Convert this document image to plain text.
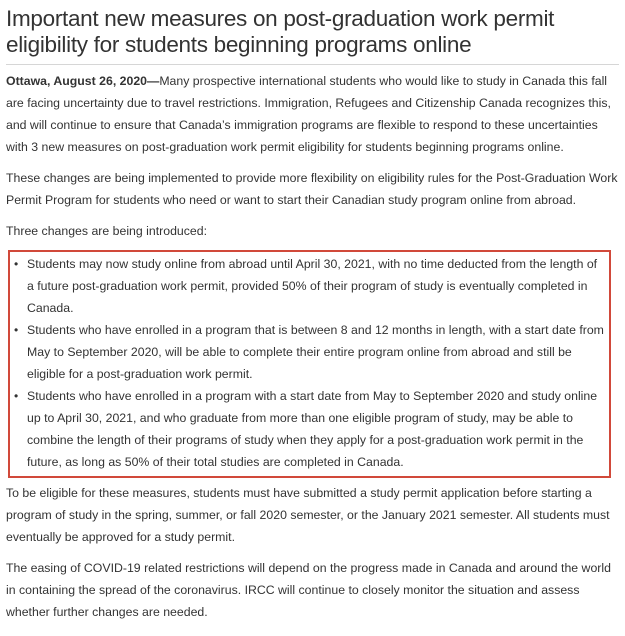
Important new measures on post-graduation work permit eligibility for students beginning programs online

Ottawa, August 26, 2020—Many prospective international students who would like to study in Canada this fall are facing uncertainty due to travel restrictions. Immigration, Refugees and Citizenship Canada recognizes this, and will continue to ensure that Canada’s immigration programs are flexible to respond to these uncertainties with 3 new measures on post-graduation work permit eligibility for students beginning programs online.

These changes are being implemented to provide more flexibility on eligibility rules for the Post-Graduation Work Permit Program for students who need or want to start their Canadian study program online from abroad.

Three changes are being introduced:

• Students may now study online from abroad until April 30, 2021, with no time deducted from the length of a future post-graduation work permit, provided 50% of their program of study is eventually completed in Canada.
• Students who have enrolled in a program that is between 8 and 12 months in length, with a start date from May to September 2020, will be able to complete their entire program online from abroad and still be eligible for a post-graduation work permit.
• Students who have enrolled in a program with a start date from May to September 2020 and study online up to April 30, 2021, and who graduate from more than one eligible program of study, may be able to combine the length of their programs of study when they apply for a post-graduation work permit in the future, as long as 50% of their total studies are completed in Canada.

To be eligible for these measures, students must have submitted a study permit application before starting a program of study in the spring, summer, or fall 2020 semester, or the January 2021 semester. All students must eventually be approved for a study permit.

The easing of COVID-19 related restrictions will depend on the progress made in Canada and around the world in containing the spread of the coronavirus. IRCC will continue to closely monitor the situation and assess whether further changes are needed.
